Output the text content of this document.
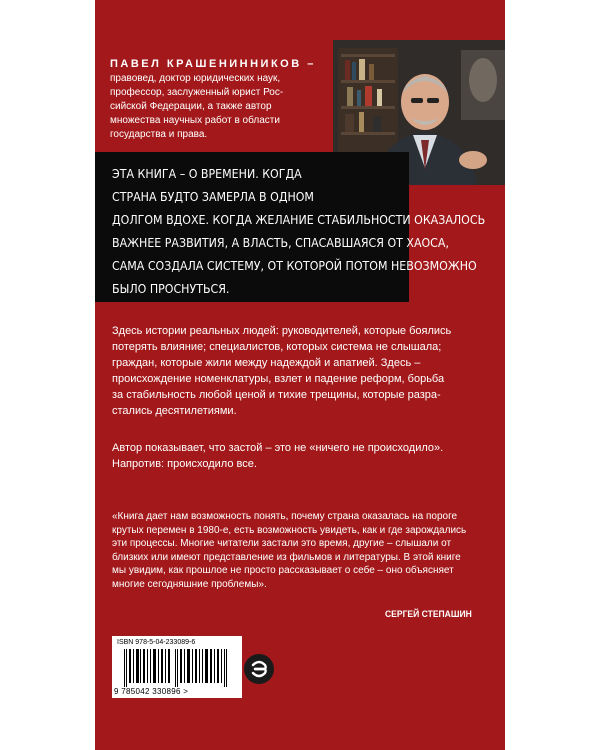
ПАВЕЛ КРАШЕНИННИКОВ –
правовед, доктор юридических наук,
профессор, заслуженный юрист Рос-
сийской Федерации, а также автор
множества научных работ в области
государства и права.
ЭТА КНИГА – О ВРЕМЕНИ. КОГДА
СТРАНА БУДТО ЗАМЕРЛА В ОДНОМ
ДОЛГОМ ВДОХЕ. КОГДА ЖЕЛАНИЕ СТАБИЛЬНОСТИ ОКАЗАЛОСЬ
ВАЖНЕЕ РАЗВИТИЯ, А ВЛАСТЬ, СПАСАВШАЯСЯ ОТ ХАОСА,
САМА СОЗДАЛА СИСТЕМУ, ОТ КОТОРОЙ ПОТОМ НЕВОЗМОЖНО
БЫЛО ПРОСНУТЬСЯ.
Здесь истории реальных людей: руководителей, которые боялись
потерять влияние; специалистов, которых система не слышала;
граждан, которые жили между надеждой и апатией. Здесь –
происхождение номенклатуры, взлет и падение реформ, борьба
за стабильность любой ценой и тихие трещины, которые разра-
стались десятилетиями.
Автор показывает, что застой – это не «ничего не происходило».
Напротив: происходило все.
«Книга дает нам возможность понять, почему страна оказалась на пороге
крутых перемен в 1980-е, есть возможность увидеть, как и где зарождались
эти процессы. Многие читатели застали это время, другие – слышали от
близких или имеют представление из фильмов и литературы. В этой книге
мы увидим, как прошлое не просто рассказывает о себе – оно объясняет
многие сегодняшние проблемы».
СЕРГЕЙ СТЕПАШИН
ISBN 978-5-04-233089-6
9 785042 330896 >
